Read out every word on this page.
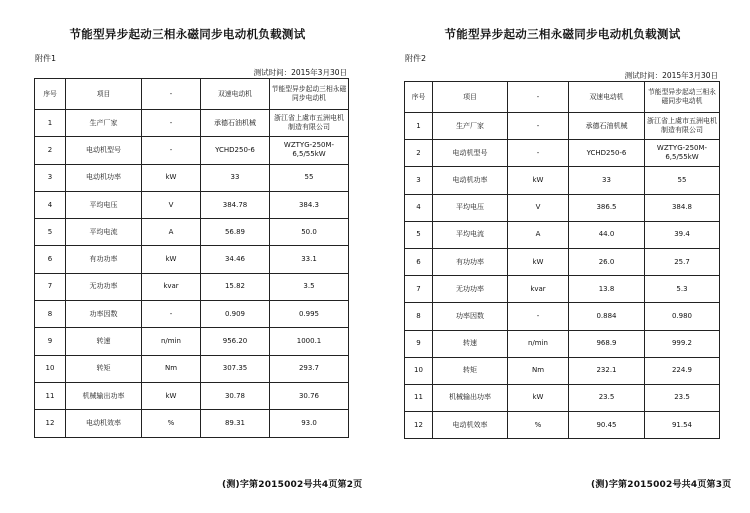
节能型异步起动三相永磁同步电动机负载测试
附件1
测试时间：2015年3月30日
序号	项目	-	双速电动机	节能型异步起动三相永磁同步电动机
1	生产厂家	-	承德石油机械	浙江省上虞市五洲电机制造有限公司
2	电动机型号	-	YCHD250-6	WZTYG-250M-6,5/55kW
3	电动机功率	kW	33	55
4	平均电压	V	384.78	384.3
5	平均电流	A	56.89	50.0
6	有功功率	kW	34.46	33.1
7	无功功率	kvar	15.82	3.5
8	功率因数	-	0.909	0.995
9	转速	n/min	956.20	1000.1
10	转矩	Nm	307.35	293.7
11	机械输出功率	kW	30.78	30.76
12	电动机效率	%	89.31	93.0
(测)字第2015002号共4页第2页
节能型异步起动三相永磁同步电动机负载测试
附件2
测试时间：2015年3月30日
序号	项目	-	双速电动机	节能型异步起动三相永磁同步电动机
1	生产厂家	-	承德石油机械	浙江省上虞市五洲电机制造有限公司
2	电动机型号	-	YCHD250-6	WZTYG-250M-6,5/55kW
3	电动机功率	kW	33	55
4	平均电压	V	386.5	384.8
5	平均电流	A	44.0	39.4
6	有功功率	kW	26.0	25.7
7	无功功率	kvar	13.8	5.3
8	功率因数	-	0.884	0.980
9	转速	n/min	968.9	999.2
10	转矩	Nm	232.1	224.9
11	机械输出功率	kW	23.5	23.5
12	电动机效率	%	90.45	91.54
(测)字第2015002号共4页第3页
